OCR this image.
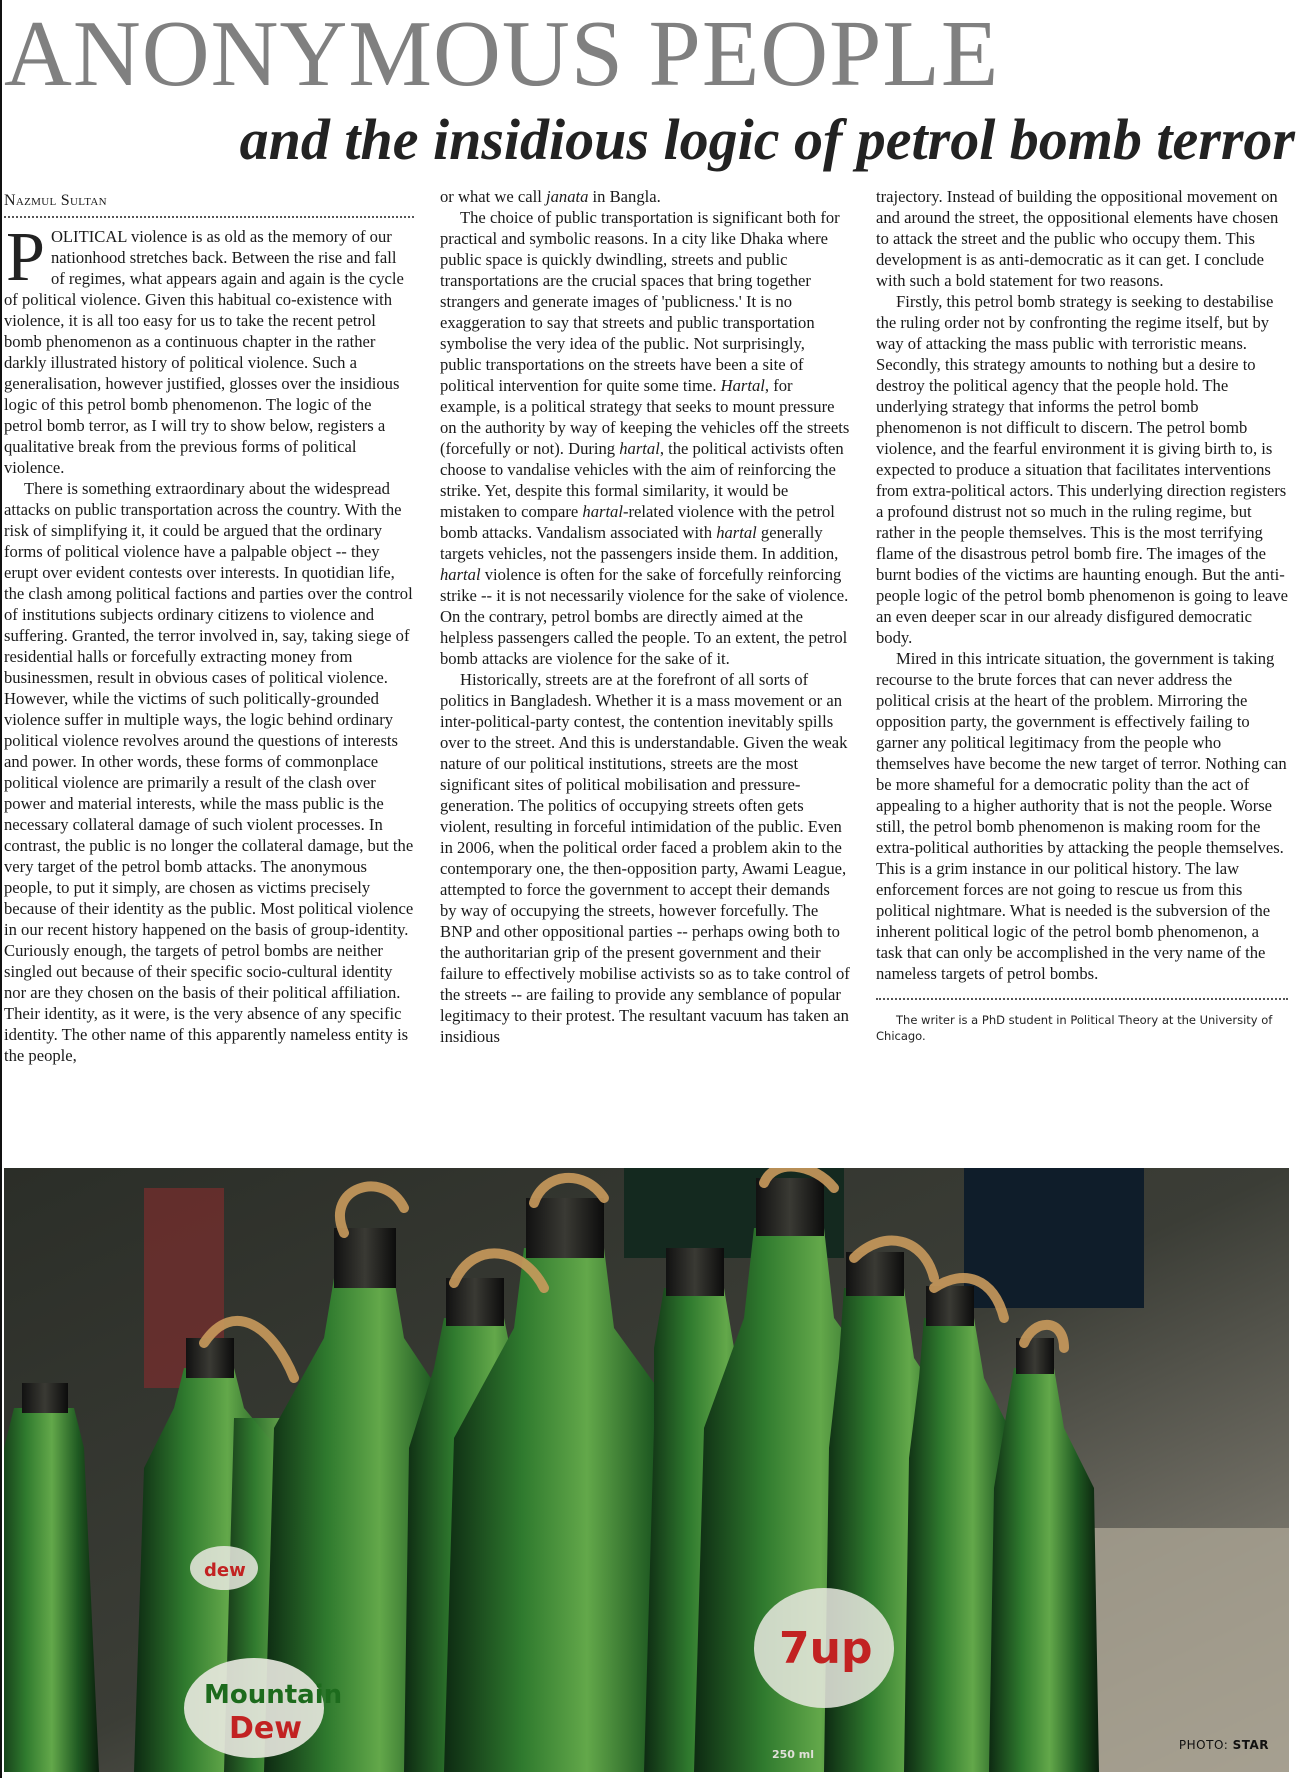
ANONYMOUS PEOPLE
and the insidious logic of petrol bomb terror
Nazmul Sultan

POLITICAL violence is as old as the memory of our nationhood stretches back. Between the rise and fall of regimes, what appears again and again is the cycle of political violence. Given this habitual co-existence with violence, it is all too easy for us to take the recent petrol bomb phenomenon as a continuous chapter in the rather darkly illustrated history of political violence. Such a generalisation, however justified, glosses over the insidious logic of this petrol bomb phenomenon. The logic of the petrol bomb terror, as I will try to show below, registers a qualitative break from the previous forms of political violence.

There is something extraordinary about the widespread attacks on public transportation across the country. With the risk of simplifying it, it could be argued that the ordinary forms of political violence have a palpable object -- they erupt over evident contests over interests. In quotidian life, the clash among political factions and parties over the control of institutions subjects ordinary citizens to violence and suffering. Granted, the terror involved in, say, taking siege of residential halls or forcefully extracting money from businessmen, result in obvious cases of political violence. However, while the victims of such politically-grounded violence suffer in multiple ways, the logic behind ordinary political violence revolves around the questions of interests and power. In other words, these forms of commonplace political violence are primarily a result of the clash over power and material interests, while the mass public is the necessary collateral damage of such violent processes. In contrast, the public is no longer the collateral damage, but the very target of the petrol bomb attacks. The anonymous people, to put it simply, are chosen as victims precisely because of their identity as the public. Most political violence in our recent history happened on the basis of group-identity. Curiously enough, the targets of petrol bombs are neither singled out because of their specific socio-cultural identity nor are they chosen on the basis of their political affiliation. Their identity, as it were, is the very absence of any specific identity. The other name of this apparently nameless entity is the people,

or what we call janata in Bangla.

The choice of public transportation is significant both for practical and symbolic reasons. In a city like Dhaka where public space is quickly dwindling, streets and public transportations are the crucial spaces that bring together strangers and generate images of 'publicness.' It is no exaggeration to say that streets and public transportation symbolise the very idea of the public. Not surprisingly, public transportations on the streets have been a site of political intervention for quite some time. Hartal, for example, is a political strategy that seeks to mount pressure on the authority by way of keeping the vehicles off the streets (forcefully or not). During hartal, the political activists often choose to vandalise vehicles with the aim of reinforcing the strike. Yet, despite this formal similarity, it would be mistaken to compare hartal-related violence with the petrol bomb attacks. Vandalism associated with hartal generally targets vehicles, not the passengers inside them. In addition, hartal violence is often for the sake of forcefully reinforcing strike -- it is not necessarily violence for the sake of violence. On the contrary, petrol bombs are directly aimed at the helpless passengers called the people. To an extent, the petrol bomb attacks are violence for the sake of it.

Historically, streets are at the forefront of all sorts of politics in Bangladesh. Whether it is a mass movement or an inter-political-party contest, the contention inevitably spills over to the street. And this is understandable. Given the weak nature of our political institutions, streets are the most significant sites of political mobilisation and pressure-generation. The politics of occupying streets often gets violent, resulting in forceful intimidation of the public. Even in 2006, when the political order faced a problem akin to the contemporary one, the then-opposition party, Awami League, attempted to force the government to accept their demands by way of occupying the streets, however forcefully. The BNP and other oppositional parties -- perhaps owing both to the authoritarian grip of the present government and their failure to effectively mobilise activists so as to take control of the streets -- are failing to provide any semblance of popular legitimacy to their protest. The resultant vacuum has taken an insidious

trajectory. Instead of building the oppositional movement on and around the street, the oppositional elements have chosen to attack the street and the public who occupy them. This development is as anti-democratic as it can get. I conclude with such a bold statement for two reasons.

Firstly, this petrol bomb strategy is seeking to destabilise the ruling order not by confronting the regime itself, but by way of attacking the mass public with terroristic means. Secondly, this strategy amounts to nothing but a desire to destroy the political agency that the people hold. The underlying strategy that informs the petrol bomb phenomenon is not difficult to discern. The petrol bomb violence, and the fearful environment it is giving birth to, is expected to produce a situation that facilitates interventions from extra-political actors. This underlying direction registers a profound distrust not so much in the ruling regime, but rather in the people themselves. This is the most terrifying flame of the disastrous petrol bomb fire. The images of the burnt bodies of the victims are haunting enough. But the anti-people logic of the petrol bomb phenomenon is going to leave an even deeper scar in our already disfigured democratic body.

Mired in this intricate situation, the government is taking recourse to the brute forces that can never address the political crisis at the heart of the problem. Mirroring the opposition party, the government is effectively failing to garner any political legitimacy from the people who themselves have become the new target of terror. Nothing can be more shameful for a democratic polity than the act of appealing to a higher authority that is not the people. Worse still, the petrol bomb phenomenon is making room for the extra-political authorities by attacking the people themselves. This is a grim instance in our political history. The law enforcement forces are not going to rescue us from this political nightmare. What is needed is the subversion of the inherent political logic of the petrol bomb phenomenon, a task that can only be accomplished in the very name of the nameless targets of petrol bombs.

The writer is a PhD student in Political Theory at the University of Chicago.

Mountain
Dew
7up
dew
250 ml
PHOTO: STAR
